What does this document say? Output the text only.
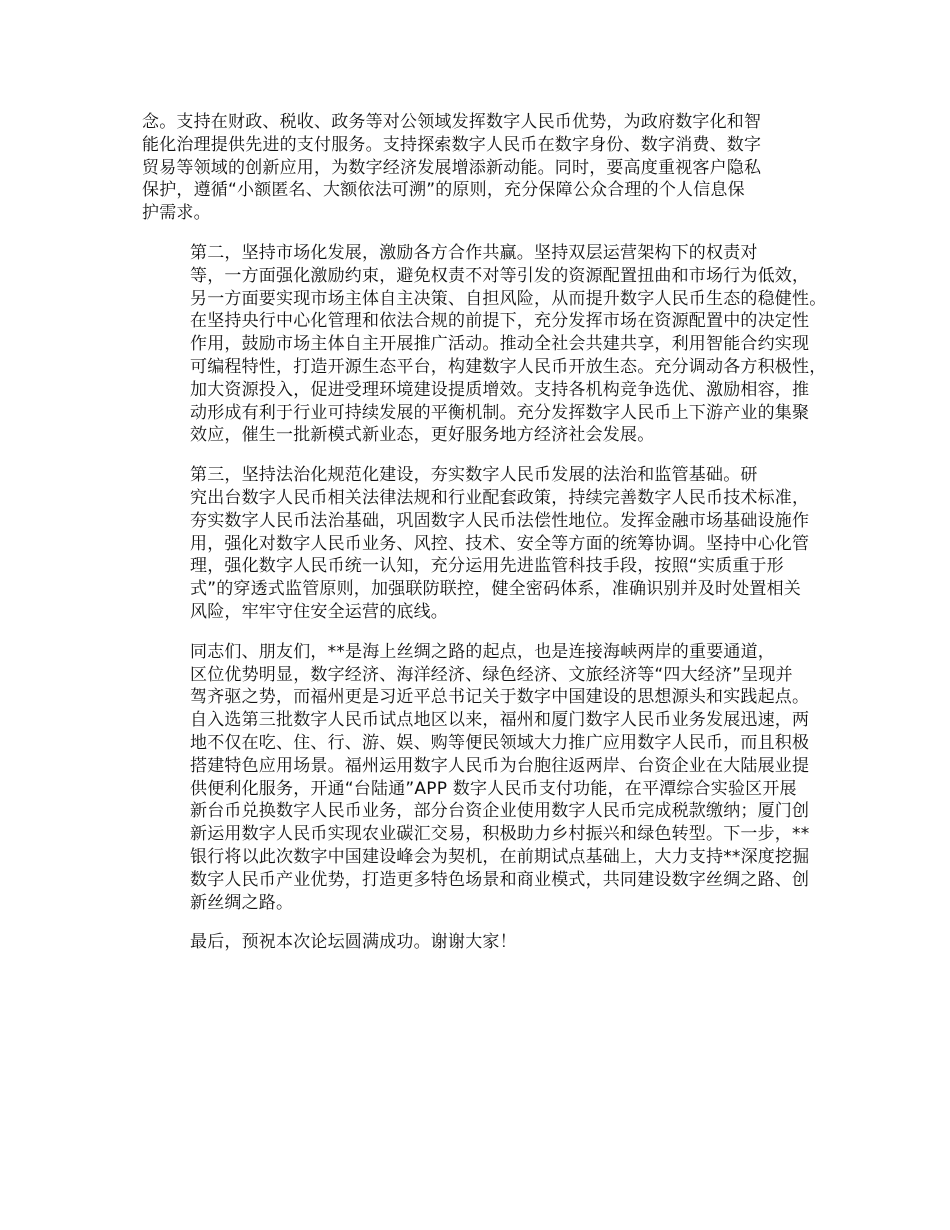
念。支持在财政、税收、政务等对公领域发挥数字人民币优势，为政府数字化和智
能化治理提供先进的支付服务。支持探索数字人民币在数字身份、数字消费、数字
贸易等领域的创新应用，为数字经济发展增添新动能。同时，要高度重视客户隐私
保护，遵循“小额匿名、大额依法可溯”的原则，充分保障公众合理的个人信息保
护需求。

第二，坚持市场化发展，激励各方合作共赢。坚持双层运营架构下的权责对
等，一方面强化激励约束，避免权责不对等引发的资源配置扭曲和市场行为低效，
另一方面要实现市场主体自主决策、自担风险，从而提升数字人民币生态的稳健性。
在坚持央行中心化管理和依法合规的前提下，充分发挥市场在资源配置中的决定性
作用，鼓励市场主体自主开展推广活动。推动全社会共建共享，利用智能合约实现
可编程特性，打造开源生态平台，构建数字人民币开放生态。充分调动各方积极性，
加大资源投入，促进受理环境建设提质增效。支持各机构竞争选优、激励相容，推
动形成有利于行业可持续发展的平衡机制。充分发挥数字人民币上下游产业的集聚
效应，催生一批新模式新业态，更好服务地方经济社会发展。

第三，坚持法治化规范化建设，夯实数字人民币发展的法治和监管基础。研
究出台数字人民币相关法律法规和行业配套政策，持续完善数字人民币技术标准，
夯实数字人民币法治基础，巩固数字人民币法偿性地位。发挥金融市场基础设施作
用，强化对数字人民币业务、风控、技术、安全等方面的统筹协调。坚持中心化管
理，强化数字人民币统一认知，充分运用先进监管科技手段，按照“实质重于形
式”的穿透式监管原则，加强联防联控，健全密码体系，准确识别并及时处置相关
风险，牢牢守住安全运营的底线。

同志们、朋友们，**是海上丝绸之路的起点，也是连接海峡两岸的重要通道，
区位优势明显，数字经济、海洋经济、绿色经济、文旅经济等“四大经济”呈现并
驾齐驱之势，而福州更是习近平总书记关于数字中国建设的思想源头和实践起点。
自入选第三批数字人民币试点地区以来，福州和厦门数字人民币业务发展迅速，两
地不仅在吃、住、行、游、娱、购等便民领域大力推广应用数字人民币，而且积极
搭建特色应用场景。福州运用数字人民币为台胞往返两岸、台资企业在大陆展业提
供便利化服务，开通“台陆通”APP 数字人民币支付功能，在平潭综合实验区开展
新台币兑换数字人民币业务，部分台资企业使用数字人民币完成税款缴纳；厦门创
新运用数字人民币实现农业碳汇交易，积极助力乡村振兴和绿色转型。下一步，**
银行将以此次数字中国建设峰会为契机，在前期试点基础上，大力支持**深度挖掘
数字人民币产业优势，打造更多特色场景和商业模式，共同建设数字丝绸之路、创
新丝绸之路。

最后，预祝本次论坛圆满成功。谢谢大家！
